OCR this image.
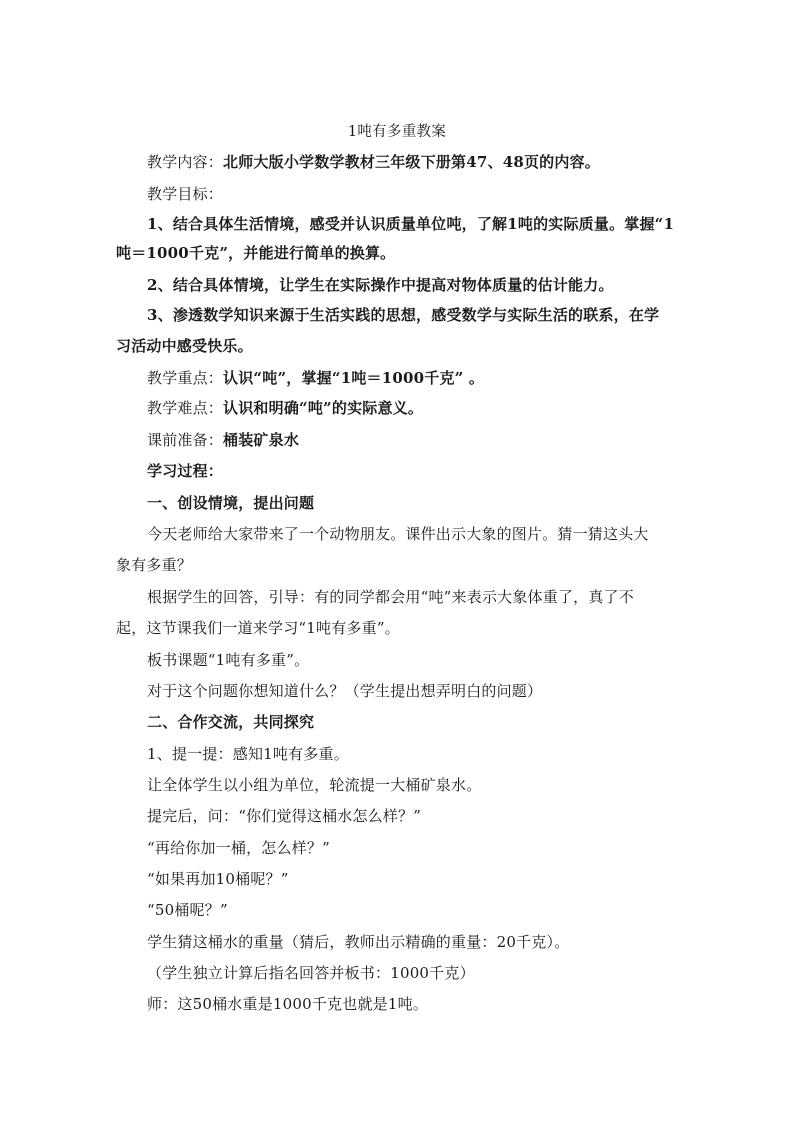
1吨有多重教案
教学内容：北师大版小学数学教材三年级下册第47、48页的内容。
教学目标：
1、结合具体生活情境，感受并认识质量单位吨，了解1吨的实际质量。掌握“1
吨＝1000千克”，并能进行简单的换算。
2、结合具体情境，让学生在实际操作中提高对物体质量的估计能力。
3、渗透数学知识来源于生活实践的思想，感受数学与实际生活的联系，在学
习活动中感受快乐。
教学重点：认识“吨”，掌握“1吨＝1000千克” 。
教学难点：认识和明确“吨”的实际意义。
课前准备：桶装矿泉水
学习过程：
一、创设情境，提出问题
今天老师给大家带来了一个动物朋友。课件出示大象的图片。猜一猜这头大
象有多重？
根据学生的回答，引导：有的同学都会用“吨”来表示大象体重了，真了不
起，这节课我们一道来学习“1吨有多重”。
板书课题“1吨有多重”。
对于这个问题你想知道什么？（学生提出想弄明白的问题）
二、合作交流，共同探究
1、提一提：感知1吨有多重。
让全体学生以小组为单位，轮流提一大桶矿泉水。
提完后，问：“你们觉得这桶水怎么样？”
“再给你加一桶，怎么样？”
“如果再加10桶呢？”
“50桶呢？”
学生猜这桶水的重量（猜后，教师出示精确的重量：20千克）。
（学生独立计算后指名回答并板书：1000千克）
师：这50桶水重是1000千克也就是1吨。
